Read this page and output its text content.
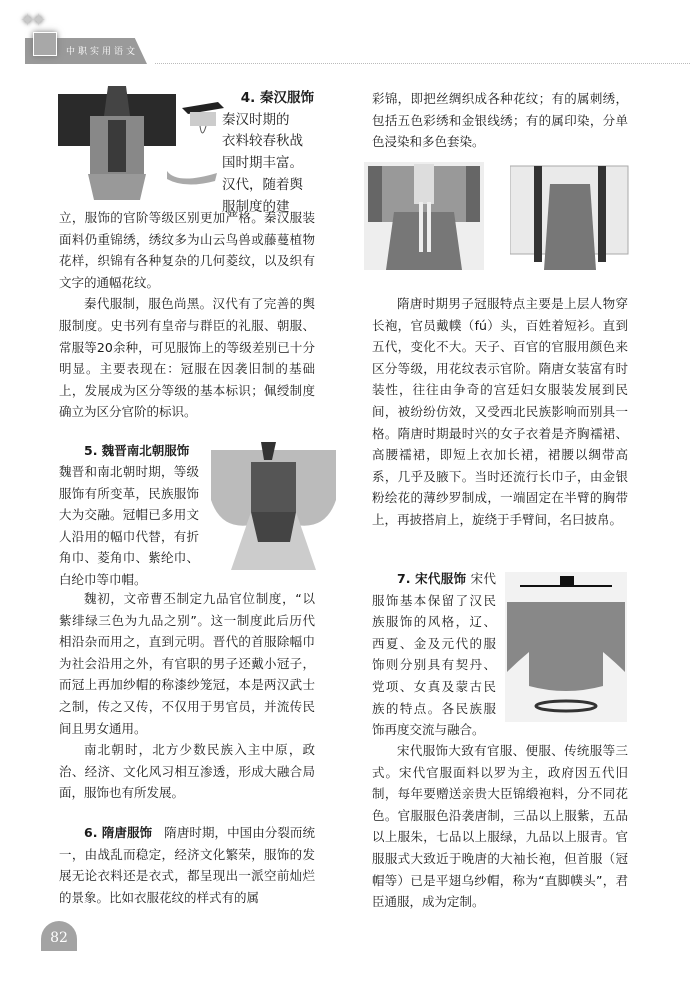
✦✦
中职实用语文

4. 秦汉服饰

秦汉时期的

衣料较春秋战

国时期丰富。

汉代，随着舆

服制度的建

立，服饰的官阶等级区别更加严格。秦汉服装面料仍重锦绣，绣纹多为山云鸟兽或藤蔓植物花样，织锦有各种复杂的几何菱纹，以及织有文字的通幅花纹。

秦代服制，服色尚黑。汉代有了完善的舆服制度。史书列有皇帝与群臣的礼服、朝服、常服等20余种，可见服饰上的等级差别已十分明显。主要表现在：冠服在因袭旧制的基础上，发展成为区分等级的基本标识；佩绶制度确立为区分官阶的标识。

5. 魏晋南北朝服饰

魏晋和南北朝时期，等级服饰有所变革，民族服饰大为交融。冠帽已多用文人沿用的幅巾代替，有折角巾、菱角巾、紫纶巾、白纶巾等巾帽。

魏初，文帝曹丕制定九品官位制度，“以紫绯绿三色为九品之别”。这一制度此后历代相沿杂而用之，直到元明。晋代的首服除幅巾为社会沿用之外，有官职的男子还戴小冠子，而冠上再加纱帽的称漆纱笼冠，本是两汉武士之制，传之又传，不仅用于男官员，并流传民间且男女通用。

南北朝时，北方少数民族入主中原，政治、经济、文化风习相互渗透，形成大融合局面，服饰也有所发展。

6. 隋唐服饰 隋唐时期，中国由分裂而统一，由战乱而稳定，经济文化繁荣，服饰的发展无论衣料还是衣式，都呈现出一派空前灿烂的景象。比如衣服花纹的样式有的属

彩锦，即把丝绸织成各种花纹；有的属刺绣，包括五色彩绣和金银线绣；有的属印染，分单色浸染和多色套染。

隋唐时期男子冠服特点主要是上层人物穿长袍，官员戴幞（fú）头，百姓着短衫。直到五代，变化不大。天子、百官的官服用颜色来区分等级，用花纹表示官阶。隋唐女装富有时装性，往往由争奇的宫廷妇女服装发展到民间，被纷纷仿效，又受西北民族影响而别具一格。隋唐时期最时兴的女子衣着是齐胸襦裙、高腰襦裙，即短上衣加长裙，裙腰以绸带高系，几乎及腋下。当时还流行长巾子，由金银粉绘花的薄纱罗制成，一端固定在半臂的胸带上，再披搭肩上，旋绕于手臂间，名曰披帛。

7. 宋代服饰 宋代服饰基本保留了汉民族服饰的风格，辽、西夏、金及元代的服饰则分别具有契丹、党项、女真及蒙古民族的特点。各民族服饰再度交流与融合。

宋代服饰大致有官服、便服、传统服等三式。宋代官服面料以罗为主，政府因五代旧制，每年要赠送亲贵大臣锦缎袍料，分不同花色。官服服色沿袭唐制，三品以上服紫，五品以上服朱，七品以上服绿，九品以上服青。官服服式大致近于晚唐的大袖长袍，但首服（冠帽等）已是平翅乌纱帽，称为“直脚幞头”，君臣通服，成为定制。

82
